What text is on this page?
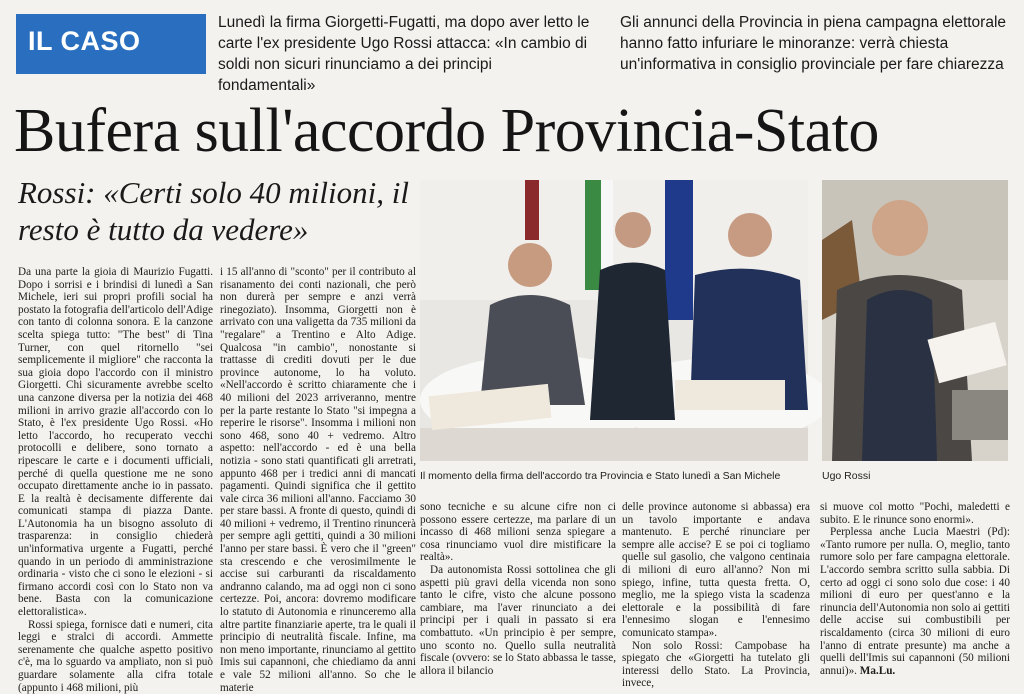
IL CASO
Lunedì la firma Giorgetti-Fugatti, ma dopo aver letto le carte l'ex presidente Ugo Rossi attacca: «In cambio di soldi non sicuri rinunciamo a dei principi fondamentali»
Gli annunci della Provincia in piena campagna elettorale hanno fatto infuriare le minoranze: verrà chiesta un'informativa in consiglio provinciale per fare chiarezza
Bufera sull'accordo Provincia-Stato
Rossi: «Certi solo 40 milioni, il resto è tutto da vedere»
Il momento della firma dell'accordo tra Provincia e Stato lunedì a San Michele	Ugo Rossi

Da una parte la gioia di Maurizio Fugatti. Dopo i sorrisi e i brindisi di lunedì a San Michele, ieri sui propri profili social ha postato la fotografia dell'articolo dell'Adige con tanto di colonna sonora. E la canzone scelta spiega tutto: "The best" di Tina Turner, con quel ritornello "sei semplicemente il migliore" che racconta la sua gioia dopo l'accordo con il ministro Giorgetti. Chi sicuramente avrebbe scelto una canzone diversa per la notizia dei 468 milioni in arrivo grazie all'accordo con lo Stato, è l'ex presidente Ugo Rossi. «Ho letto l'accordo, ho recuperato vecchi protocolli e delibere, sono tornato a ripescare le carte e i documenti ufficiali, perché di quella questione me ne sono occupato direttamente anche io in passato. E la realtà è decisamente differente dai comunicati stampa di piazza Dante. L'Autonomia ha un bisogno assoluto di trasparenza: in consiglio chiederà un'informativa urgente a Fugatti, perché quando in un periodo di amministrazione ordinaria - visto che ci sono le elezioni - si firmano accordi così con lo Stato non va bene. Basta con la comunicazione elettoralistica».

Rossi spiega, fornisce dati e numeri, cita leggi e stralci di accordi. Ammette serenamente che qualche aspetto positivo c'è, ma lo sguardo va ampliato, non si può guardare solamente alla cifra totale (appunto i 468 milioni, più

i 15 all'anno di "sconto" per il contributo al risanamento dei conti nazionali, che però non durerà per sempre e anzi verrà rinegoziato). Insomma, Giorgetti non è arrivato con una valigetta da 735 milioni da "regalare" a Trentino e Alto Adige. Qualcosa "in cambio", nonostante si trattasse di crediti dovuti per le due province autonome, lo ha voluto. «Nell'accordo è scritto chiaramente che i 40 milioni del 2023 arriveranno, mentre per la parte restante lo Stato "si impegna a reperire le risorse". Insomma i milioni non sono 468, sono 40 + vedremo. Altro aspetto: nell'accordo - ed è una bella notizia - sono stati quantificati gli arretrati, appunto 468 per i tredici anni di mancati pagamenti. Quindi significa che il gettito vale circa 36 milioni all'anno. Facciamo 30 per stare bassi. A fronte di questo, quindi di 40 milioni + vedremo, il Trentino rinuncerà per sempre agli gettiti, quindi a 30 milioni l'anno per stare bassi. È vero che il "green" sta crescendo e che verosimilmente le accise sui carburanti da riscaldamento andranno calando, ma ad oggi non ci sono certezze. Poi, ancora: dovremo modificare lo statuto di Autonomia e rinunceremo alla altre partite finanziarie aperte, tra le quali il principio di neutralità fiscale. Infine, ma non meno importante, rinunciamo al gettito Imis sui capannoni, che chiediamo da anni e vale 52 milioni all'anno. So che le materie

sono tecniche e su alcune cifre non ci possono essere certezze, ma parlare di un incasso di 468 milioni senza spiegare a cosa rinunciamo vuol dire mistificare la realtà».

Da autonomista Rossi sottolinea che gli aspetti più gravi della vicenda non sono tanto le cifre, visto che alcune possono cambiare, ma l'aver rinunciato a dei principi per i quali in passato si era combattuto. «Un principio è per sempre, uno sconto no. Quello sulla neutralità fiscale (ovvero: se lo Stato abbassa le tasse, allora il bilancio

delle province autonome si abbassa) era un tavolo importante e andava mantenuto. E perché rinunciare per sempre alle accise? E se poi ci togliamo quelle sul gasolio, che valgono centinaia di milioni di euro all'anno? Non mi spiego, infine, tutta questa fretta. O, meglio, me la spiego vista la scadenza elettorale e la possibilità di fare l'ennesimo slogan e l'ennesimo comunicato stampa».

Non solo Rossi: Campobase ha spiegato che «Giorgetti ha tutelato gli interessi dello Stato. La Provincia, invece,

si muove col motto "Pochi, maledetti e subito. E le rinunce sono enormi».

Perplessa anche Lucia Maestri (Pd): «Tanto rumore per nulla. O, meglio, tanto rumore solo per fare campagna elettorale. L'accordo sembra scritto sulla sabbia. Di certo ad oggi ci sono solo due cose: i 40 milioni di euro per quest'anno e la rinuncia dell'Autonomia non solo ai gettiti delle accise sui combustibili per riscaldamento (circa 30 milioni di euro l'anno di entrate presunte) ma anche a quelli dell'Imis sui capannoni (50 milioni annui)». Ma.Lu.
